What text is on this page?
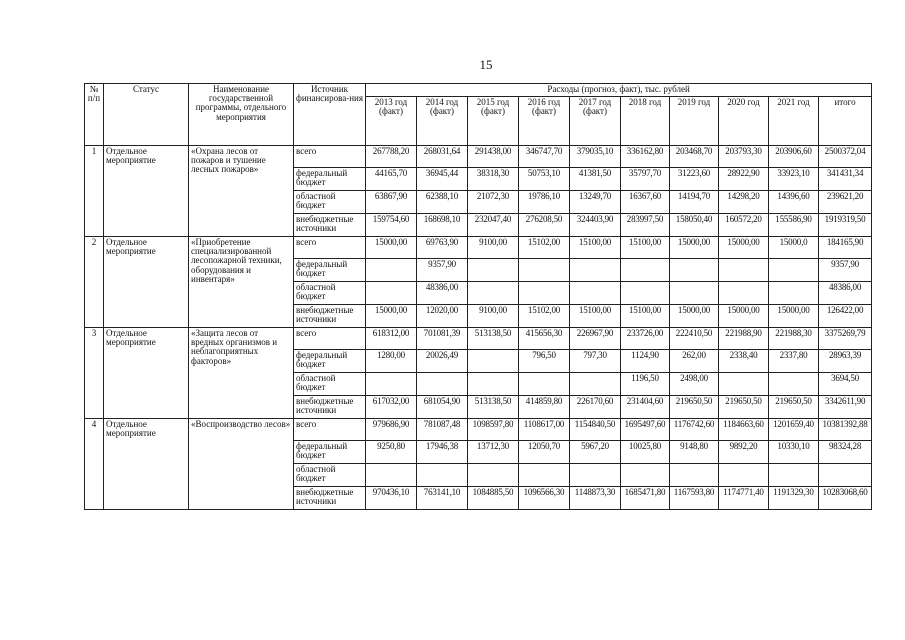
15
№ п/п	Статус	Наименование государственной программы, отдельного мероприятия	Источник финансирова-ния	Расходы (прогноз, факт), тыс. рублей									
				2013 год (факт)	2014 год (факт)	2015 год (факт)	2016 год (факт)	2017 год (факт)	2018 год	2019 год	2020 год	2021 год	итого
1	Отдельное мероприятие	«Охрана лесов от пожаров и тушение лесных пожаров»	всего	267788,20	268031,64	291438,00	346747,70	379035,10	336162,80	203468,70	203793,30	203906,60	2500372,04
			федеральный бюджет	44165,70	36945,44	38318,30	50753,10	41381,50	35797,70	31223,60	28922,90	33923,10	341431,34
			областной бюджет	63867,90	62388,10	21072,30	19786,10	13249,70	16367,60	14194,70	14298,20	14396,60	239621,20
			внебюджетные источники	159754,60	168698,10	232047,40	276208,50	324403,90	283997,50	158050,40	160572,20	155586,90	1919319,50
2	Отдельное мероприятие	«Приобретение специализированной лесопожарной техники, оборудования и инвентаря»	всего	15000,00	69763,90	9100,00	15102,00	15100,00	15100,00	15000,00	15000,00	15000,0	184165,90
			федеральный бюджет		9357,90								9357,90
			областной бюджет		48386,00								48386,00
			внебюджетные источники	15000,00	12020,00	9100,00	15102,00	15100,00	15100,00	15000,00	15000,00	15000,00	126422,00
3	Отдельное мероприятие	«Защита лесов от вредных организмов и неблагоприятных факторов»	всего	618312,00	701081,39	513138,50	415656,30	226967,90	233726,00	222410,50	221988,90	221988,30	3375269,79
			федеральный бюджет	1280,00	20026,49		796,50	797,30	1124,90	262,00	2338,40	2337,80	28963,39
			областной бюджет						1196,50	2498,00			3694,50
			внебюджетные источники	617032,00	681054,90	513138,50	414859,80	226170,60	231404,60	219650,50	219650,50	219650,50	3342611,90
4	Отдельное мероприятие	«Воспроизводство лесов»	всего	979686,90	781087,48	1098597,80	1108617,00	1154840,50	1695497,60	1176742,60	1184663,60	1201659,40	10381392,88
			федеральный бюджет	9250,80	17946,38	13712,30	12050,70	5967,20	10025,80	9148,80	9892,20	10330,10	98324,28
			областной бюджет										
			внебюджетные источники	970436,10	763141,10	1084885,50	1096566,30	1148873,30	1685471,80	1167593,80	1174771,40	1191329,30	10283068,60
